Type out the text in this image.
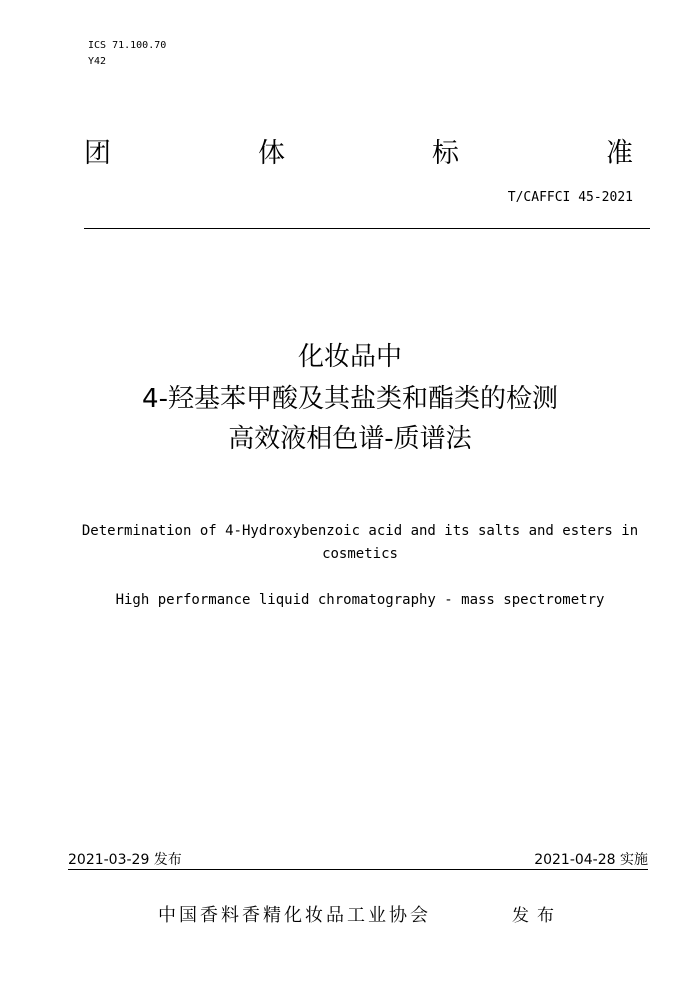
ICS 71.100.70
Y42
团	体	标	准
T/CAFFCI 45-2021
化妆品中
4-羟基苯甲酸及其盐类和酯类的检测
高效液相色谱-质谱法
Determination of 4-Hydroxybenzoic acid and its salts and esters in
cosmetics
High performance liquid chromatography - mass spectrometry
2021-03-29 发布	2021-04-28 实施
中国香料香精化妆品工业协会	发布
